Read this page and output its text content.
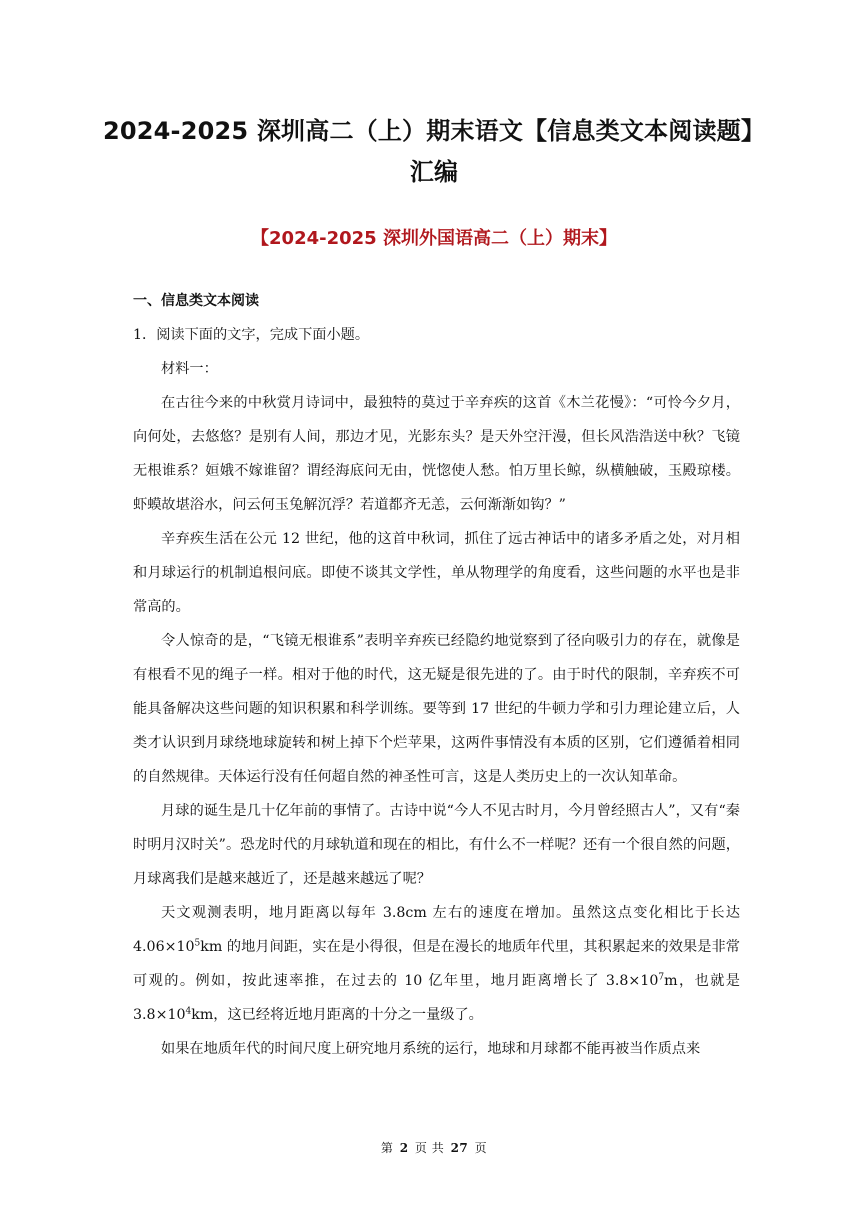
2024-2025 深圳高二（上）期末语文【信息类文本阅读题】
汇编
【2024-2025 深圳外国语高二（上）期末】

一、信息类文本阅读

1．阅读下面的文字，完成下面小题。

材料一：

在古往今来的中秋赏月诗词中，最独特的莫过于辛弃疾的这首《木兰花慢》：“可怜今夕月，向何处，去悠悠？是别有人间，那边才见，光影东头？是天外空汗漫，但长风浩浩送中秋？飞镜无根谁系？姮娥不嫁谁留？谓经海底问无由，恍惚使人愁。怕万里长鲸，纵横触破，玉殿琼楼。虾蟆故堪浴水，问云何玉兔解沉浮？若道都齐无恙，云何渐渐如钩？”

辛弃疾生活在公元 12 世纪，他的这首中秋词，抓住了远古神话中的诸多矛盾之处，对月相和月球运行的机制追根问底。即使不谈其文学性，单从物理学的角度看，这些问题的水平也是非常高的。

令人惊奇的是，“飞镜无根谁系”表明辛弃疾已经隐约地觉察到了径向吸引力的存在，就像是有根看不见的绳子一样。相对于他的时代，这无疑是很先进的了。由于时代的限制，辛弃疾不可能具备解决这些问题的知识积累和科学训练。要等到 17 世纪的牛顿力学和引力理论建立后，人类才认识到月球绕地球旋转和树上掉下个烂苹果，这两件事情没有本质的区别，它们遵循着相同的自然规律。天体运行没有任何超自然的神圣性可言，这是人类历史上的一次认知革命。

月球的诞生是几十亿年前的事情了。古诗中说“今人不见古时月，今月曾经照古人”，又有“秦时明月汉时关”。恐龙时代的月球轨道和现在的相比，有什么不一样呢？还有一个很自然的问题，月球离我们是越来越近了，还是越来越远了呢？

天文观测表明，地月距离以每年 3.8cm 左右的速度在增加。虽然这点变化相比于长达 $4.06\times 10^5km$ 的地月间距，实在是小得很，但是在漫长的地质年代里，其积累起来的效果是非常可观的。例如，按此速率推，在过去的 10 亿年里，地月距离增长了 $3.8\times 10^7m$，也就是 $3.8\times 10^4km$，这已经将近地月距离的十分之一量级了。

如果在地质年代的时间尺度上研究地月系统的运行，地球和月球都不能再被当作质点来

第 2 页 共 27 页
